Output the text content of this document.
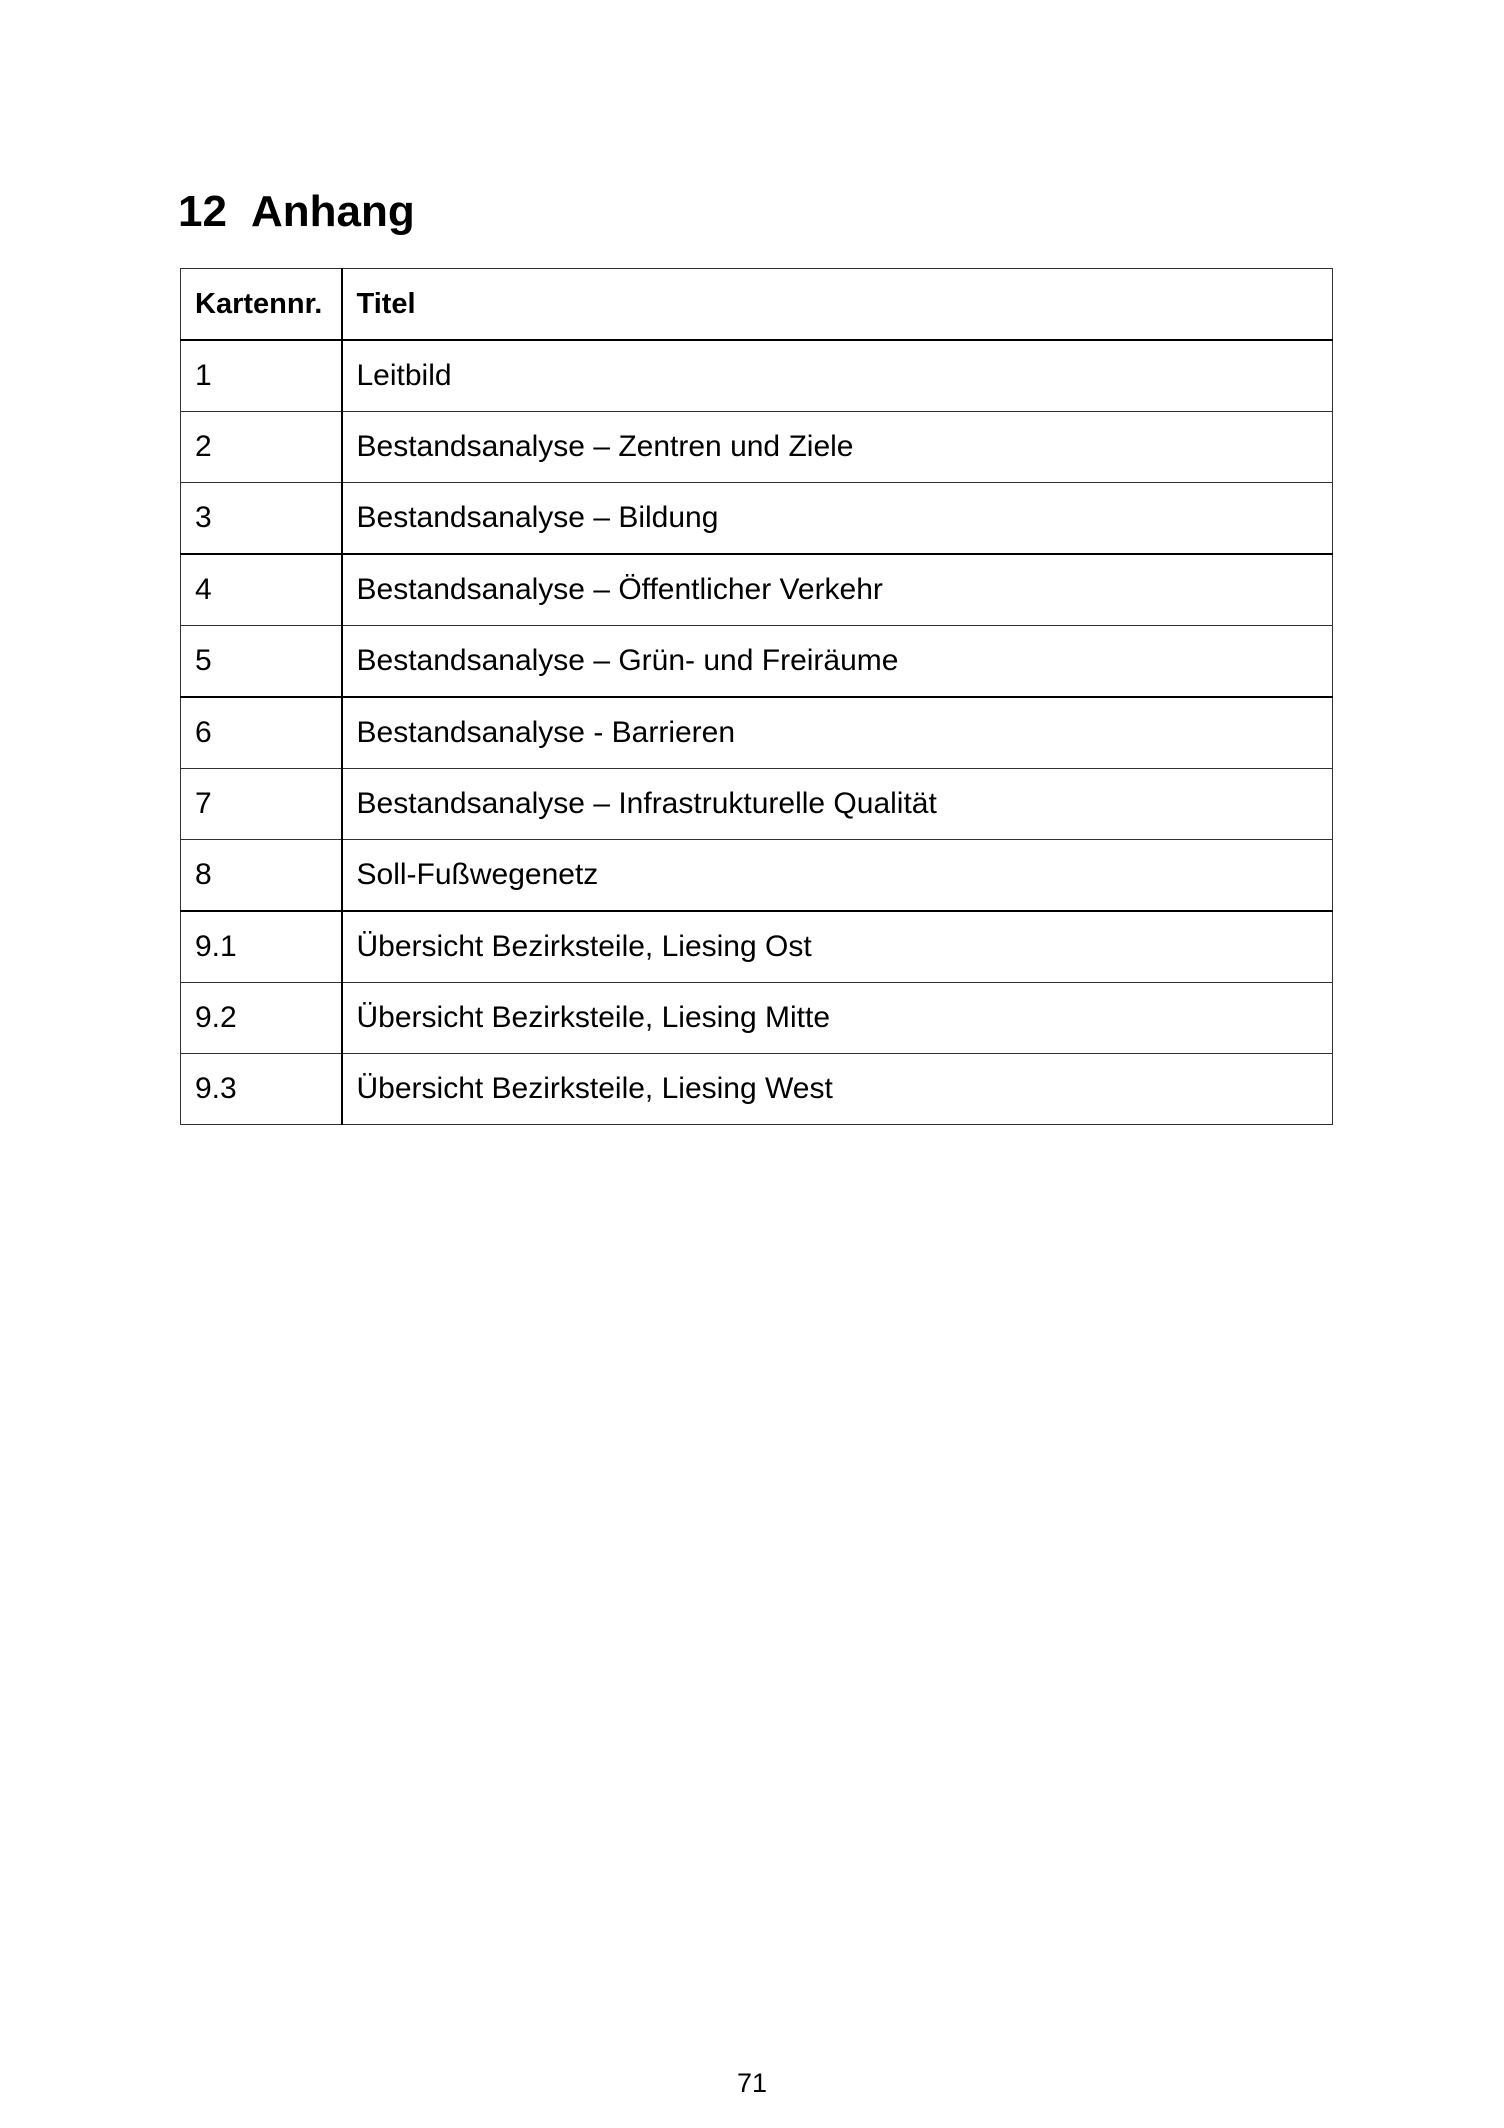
12 Anhang
Kartennr.	Titel
1	Leitbild
2	Bestandsanalyse – Zentren und Ziele
3	Bestandsanalyse – Bildung
4	Bestandsanalyse – Öffentlicher Verkehr
5	Bestandsanalyse – Grün- und Freiräume
6	Bestandsanalyse - Barrieren
7	Bestandsanalyse – Infrastrukturelle Qualität
8	Soll-Fußwegenetz
9.1	Übersicht Bezirksteile, Liesing Ost
9.2	Übersicht Bezirksteile, Liesing Mitte
9.3	Übersicht Bezirksteile, Liesing West
71
